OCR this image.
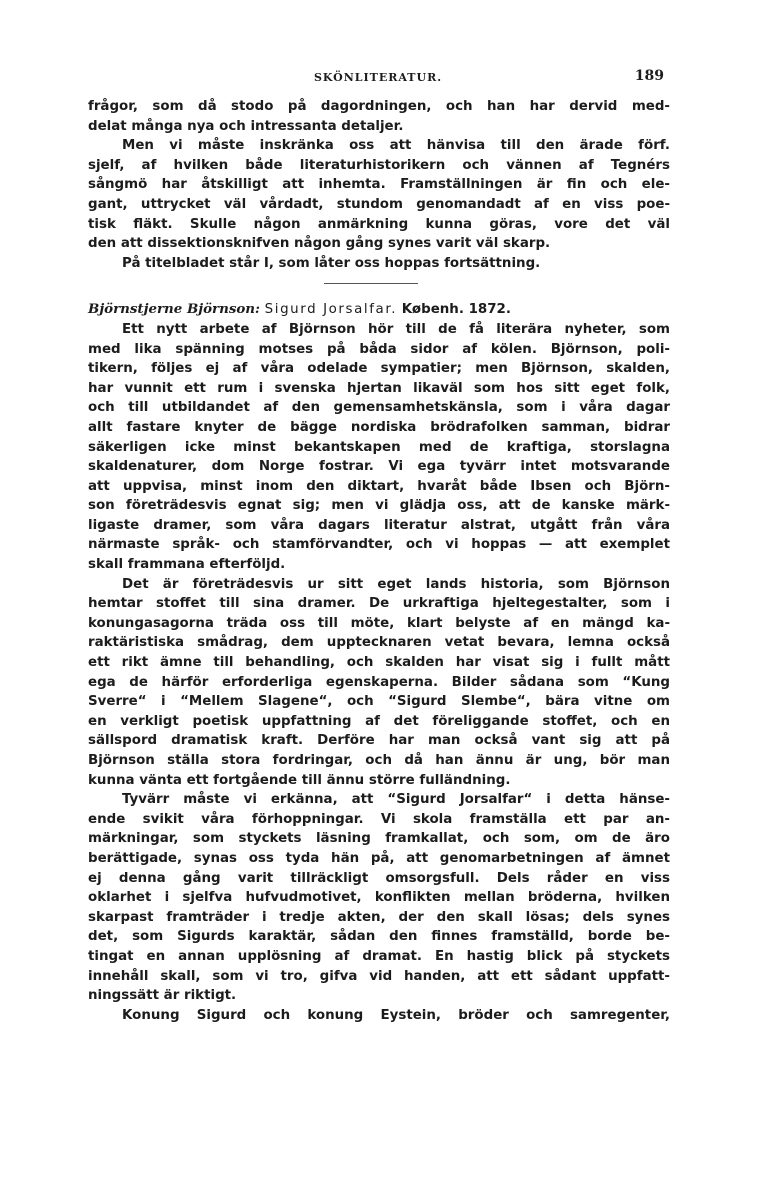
SKÖNLITERATUR.	189
frågor, som då stodo på dagordningen, och han har dervid med-
delat många nya och intressanta detaljer.
Men vi måste inskränka oss att hänvisa till den ärade förf.
sjelf, af hvilken både literaturhistorikern och vännen af Tegnérs
sångmö har åtskilligt att inhemta. Framställningen är fin och ele-
gant, uttrycket väl vårdadt, stundom genomandadt af en viss poe-
tisk fläkt. Skulle någon anmärkning kunna göras, vore det väl
den att dissektionsknifven någon gång synes varit väl skarp.
På titelbladet står I, som låter oss hoppas fortsättning.
Björnstjerne Björnson: Sigurd Jorsalfar. Københ. 1872.
Ett nytt arbete af Björnson hör till de få literära nyheter, som
med lika spänning motses på båda sidor af kölen. Björnson, poli-
tikern, följes ej af våra odelade sympatier; men Björnson, skalden,
har vunnit ett rum i svenska hjertan likaväl som hos sitt eget folk,
och till utbildandet af den gemensamhetskänsla, som i våra dagar
allt fastare knyter de bägge nordiska brödrafolken samman, bidrar
säkerligen icke minst bekantskapen med de kraftiga, storslagna
skaldenaturer, dom Norge fostrar. Vi ega tyvärr intet motsvarande
att uppvisa, minst inom den diktart, hvaråt både Ibsen och Björn-
son företrädesvis egnat sig; men vi glädja oss, att de kanske märk-
ligaste dramer, som våra dagars literatur alstrat, utgått från våra
närmaste språk- och stamförvandter, och vi hoppas — att exemplet
skall frammana efterföljd.
Det är företrädesvis ur sitt eget lands historia, som Björnson
hemtar stoffet till sina dramer. De urkraftiga hjeltegestalter, som i
konungasagorna träda oss till möte, klart belyste af en mängd ka-
raktäristiska smådrag, dem upptecknaren vetat bevara, lemna också
ett rikt ämne till behandling, och skalden har visat sig i fullt mått
ega de härför erforderliga egenskaperna. Bilder sådana som “Kung
Sverre“ i “Mellem Slagene“, och “Sigurd Slembe“, bära vitne om
en verkligt poetisk uppfattning af det föreliggande stoffet, och en
sällspord dramatisk kraft. Derföre har man också vant sig att på
Björnson ställa stora fordringar, och då han ännu är ung, bör man
kunna vänta ett fortgående till ännu större fulländning.
Tyvärr måste vi erkänna, att “Sigurd Jorsalfar“ i detta hänse-
ende svikit våra förhoppningar. Vi skola framställa ett par an-
märkningar, som styckets läsning framkallat, och som, om de äro
berättigade, synas oss tyda hän på, att genomarbetningen af ämnet
ej denna gång varit tillräckligt omsorgsfull. Dels råder en viss
oklarhet i sjelfva hufvudmotivet, konflikten mellan bröderna, hvilken
skarpast framträder i tredje akten, der den skall lösas; dels synes
det, som Sigurds karaktär, sådan den finnes framställd, borde be-
tingat en annan upplösning af dramat. En hastig blick på styckets
innehåll skall, som vi tro, gifva vid handen, att ett sådant uppfatt-
ningssätt är riktigt.
Konung Sigurd och konung Eystein, bröder och samregenter,
